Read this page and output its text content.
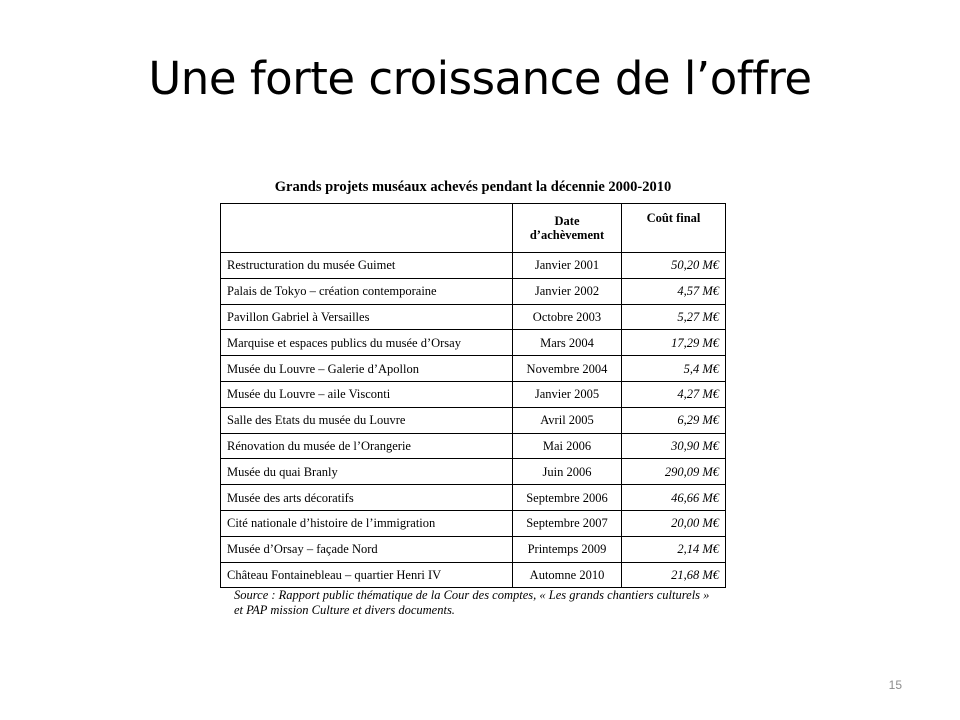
Une forte croissance de l’offre
Grands projets muséaux achevés pendant la décennie 2000-2010
	Date d’achèvement	Coût final
Restructuration du musée Guimet	Janvier 2001	50,20 M€
Palais de Tokyo – création contemporaine	Janvier 2002	4,57 M€
Pavillon Gabriel à Versailles	Octobre 2003	5,27 M€
Marquise et espaces publics du musée d’Orsay	Mars 2004	17,29 M€
Musée du Louvre – Galerie d’Apollon	Novembre 2004	5,4 M€
Musée du Louvre – aile Visconti	Janvier 2005	4,27 M€
Salle des Etats du musée du Louvre	Avril 2005	6,29 M€
Rénovation du musée de l’Orangerie	Mai 2006	30,90 M€
Musée du quai Branly	Juin 2006	290,09 M€
Musée des arts décoratifs	Septembre 2006	46,66 M€
Cité nationale d’histoire de l’immigration	Septembre 2007	20,00 M€
Musée d’Orsay – façade Nord	Printemps 2009	2,14 M€
Château Fontainebleau – quartier Henri IV	Automne 2010	21,68 M€
Source : Rapport public thématique de la Cour des comptes, « Les grands chantiers culturels » et PAP mission Culture et divers documents.
15
